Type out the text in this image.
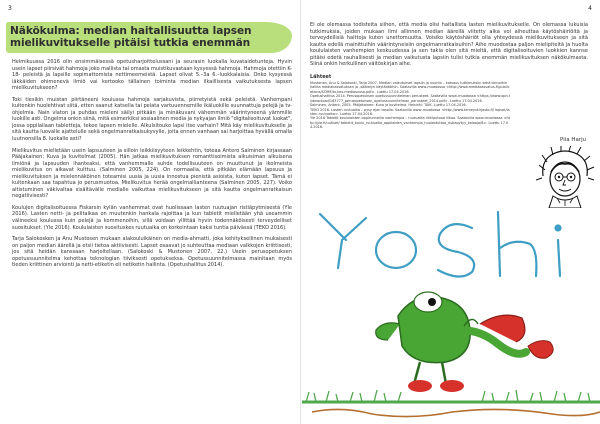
3	4
Näkökulma: median haitallisuutta lapsen mielikuvitukselle pitäisi tutkia enemmän

Helmikuussa 2016 olin ensimmäisessä opetusharjoittelussani ja seurasin luokalla kuvataidetunteja. Hyvin usein lapset piirsivät hahmoja joko mallista tai omasta muistikuvastaan kysyessä hahmoja. Hahmoja otettiin K-18- peleistä ja lapsille sopimattomista nettimeemeistä. Lapset olivat 5.–3a 6.–luokkalaisia. Onko kysyessä iäkkäiden ohimenevä ilmiö vai kertooko tällainen toiminta median ilkaillisesta vaikutuksesta lapsen mielikuvitukseen?

Toki tiesikin muistan piirtäneeni koulussa hahmoja sarjakuvista, piirretyistä sekä peleistä. Vanhempani kuitenkin huolehtivat siitä, etten saanut katsella tai pelata vartuuennemille ikäluokille suunnattuja pelejä ja tv- ohjelmia. Nain vlaton ja puhdas mieleni säilyi pitkään ja minäkuvani vähemmän väärintyneenä yämmille luokille asti. Ongelma onkin siinä, mitä esimerkiksi sosiaalinen media ja nykyajan ilmiö "digitalisoituvat luokat", jossa oppilailaan tabletteja, tekee lapsen mielelle. Alkulsitouko lapsi itse varhain? Mitä käy mielikuvitukselle ja sitä kautta luovalle ajattelulle sekä ongelmanratkaisukyvylle, joita ennen vanhaan sai harjoittaa hyvällä omalla luutnonsilla 8. luokalle asti?

Mielikuvitus mielletään usein lapsuuteen ja silloin leikkiisyyteen leikkehtin, toteaa Antero Salminen kirjassaan Pääjakainen; Kuva ja kuvitelmat (2005). Hän jatkaa mielikuvituksen romanttisoimista aikuisiman alkuisena ilmiönä ja lapsuuden ihanteaksi, että vanhemmalle suhde todellisuuteen on muuttunut ja ikolmeista mielikuvitus on aikavat kulttuu. (Salminen 2005, 224). On normaalia, että pitkään elämään lapsuus ja mielikuvituksen ja mielennäköinen toteamisi uusia ja uusia innostua pienistä asioista, kuten lapset. Tämä ei kuitenkaan saa tapahtua jo perusmuotoa. Mielikuvitus herää ongelmallianteena (Salminen 2005, 227). Voiko altistuminen väkivaltaa sisältävälle medialle vaikuttaa mielikuvitukseen ja sitä kautta ongelmanratkaisun negatiivisesti?

Koulujen digitalisoituessa Fiskarsin kylän vanhemmat ovat huolissaan lasten ruutuajan ristiäpytmisestä (Yle 2016). Lasten netti- ja pelitaikaa on muutenkin hankala rajoittaa ja kun tabletit mielletään yhä useammin välineeksi koulussa kuin pelejä ja kommenoihin, sillä voidaan yllittää hyvin todennäköisesti terveydelliset suositukset. (Yle 2016). Koululaisten suosituskes ruutuaika on korkeintaan kaksi tuntia päivässä (TEKO 2016).

Tarja Salokosken ja Anu Mustosen mukaan alakouluikäinen on media-ahmatti, joka kehityksellinen mukaisesti on paljon median äärellä ja etsii tietoa aktiivisesti. Lapset osaavat jo suhteuttaa mediaan valkkojen kriittisesti, jos sitä heidän kanssaan harjoitellaan. (Salokoski & Mustonen 2007, 22.) Usein perusopetuksen opetussuunnitelma kehottaa teknologian tiiviksesti opetukseksa. Opetussuunnitelmassa mainitaan myös tieden kriittinen arviointi ja netti-etiketin eli netiketin hallinta. (Opetushallitus 2014).

Ei ole olemassa todisteita siihen, että media olisi haitallista lasten mielikuvitukselle. On olemassa lukuisia tutkimuksia, joiden mukaan ilmi allinnen median äärellä viitetty aika voi aiheuttaa käytöshäiriöitä ja terveydellisiä haittoja kuten unettomuutta. Voisiko käytöshäiriöt olla yhteydessä mielikuvitukseen ja sitä kautta edellä mainittuihin väärintyneisiin ongelmanratkaisuihin? Aihe muodostaa paljon mielipiteitä ja huolta koululaisten vanhempien keskuudessa ja sen takia olen sitä mieltä, että digitalisoituvien luokkien kannse pitäisi edetä rauhallisesti ja median vaikutusta lapsiin tulisi tutkia enemmän mielikuvituksen näkökulmasta. Siinä onkin herkullinen väitöskirjan aihe.

Lähteet

Mustonen, Anu & Salokoski, Tarja 2007. Median vaikutukset lapsiin ja nuoriin – katsaus tutkimuksiin sekä keinoihin hallita mediakasvatuksen ja -säätelyn käytäntöihin. Saatavilla www-muodossa <http://www.mediakasvatus.fi/publications/SOME/tv-kes-mediasvusa.pdf>. Luettu 17.04.2016.

Opetushallitus 2014. Perusopetuksen opetussuunnitelman perusteet. Saatavilla www-muodossa <https://www.oph.fi/download/163777_perusopetuksen_opetussuunnitelman_perusteet_2014.pdf>. Luettu 17.04.2016.

Salminen, Antero. 2005. Pääjakainen: Kuva ja kuvitelma. Helsinki: TAIK. Luettu 17.04.2016.

TEKO 2016. Lasten ruutuaika – pysy ajan tasalla. Saatavilla www-muodossa <http://www.terveyskirjasto.fi/ lapset/lasten-ruutuaika>. Luettu 17.04.2016.

Yle 2016 Tabletit koululaisten oppitunneilla vanhempia – ruutuaika rikkiputoaa liikaa. Saatavilla www-muodossa <http://yle.fi/uutiset/ tabletit_koulu_ruutuaika_oppilaiden_vanhempia_huolestuttaa_ristiapytyy_kelaaja/8>. Luettu 17.04.2016.

Piia Harju
